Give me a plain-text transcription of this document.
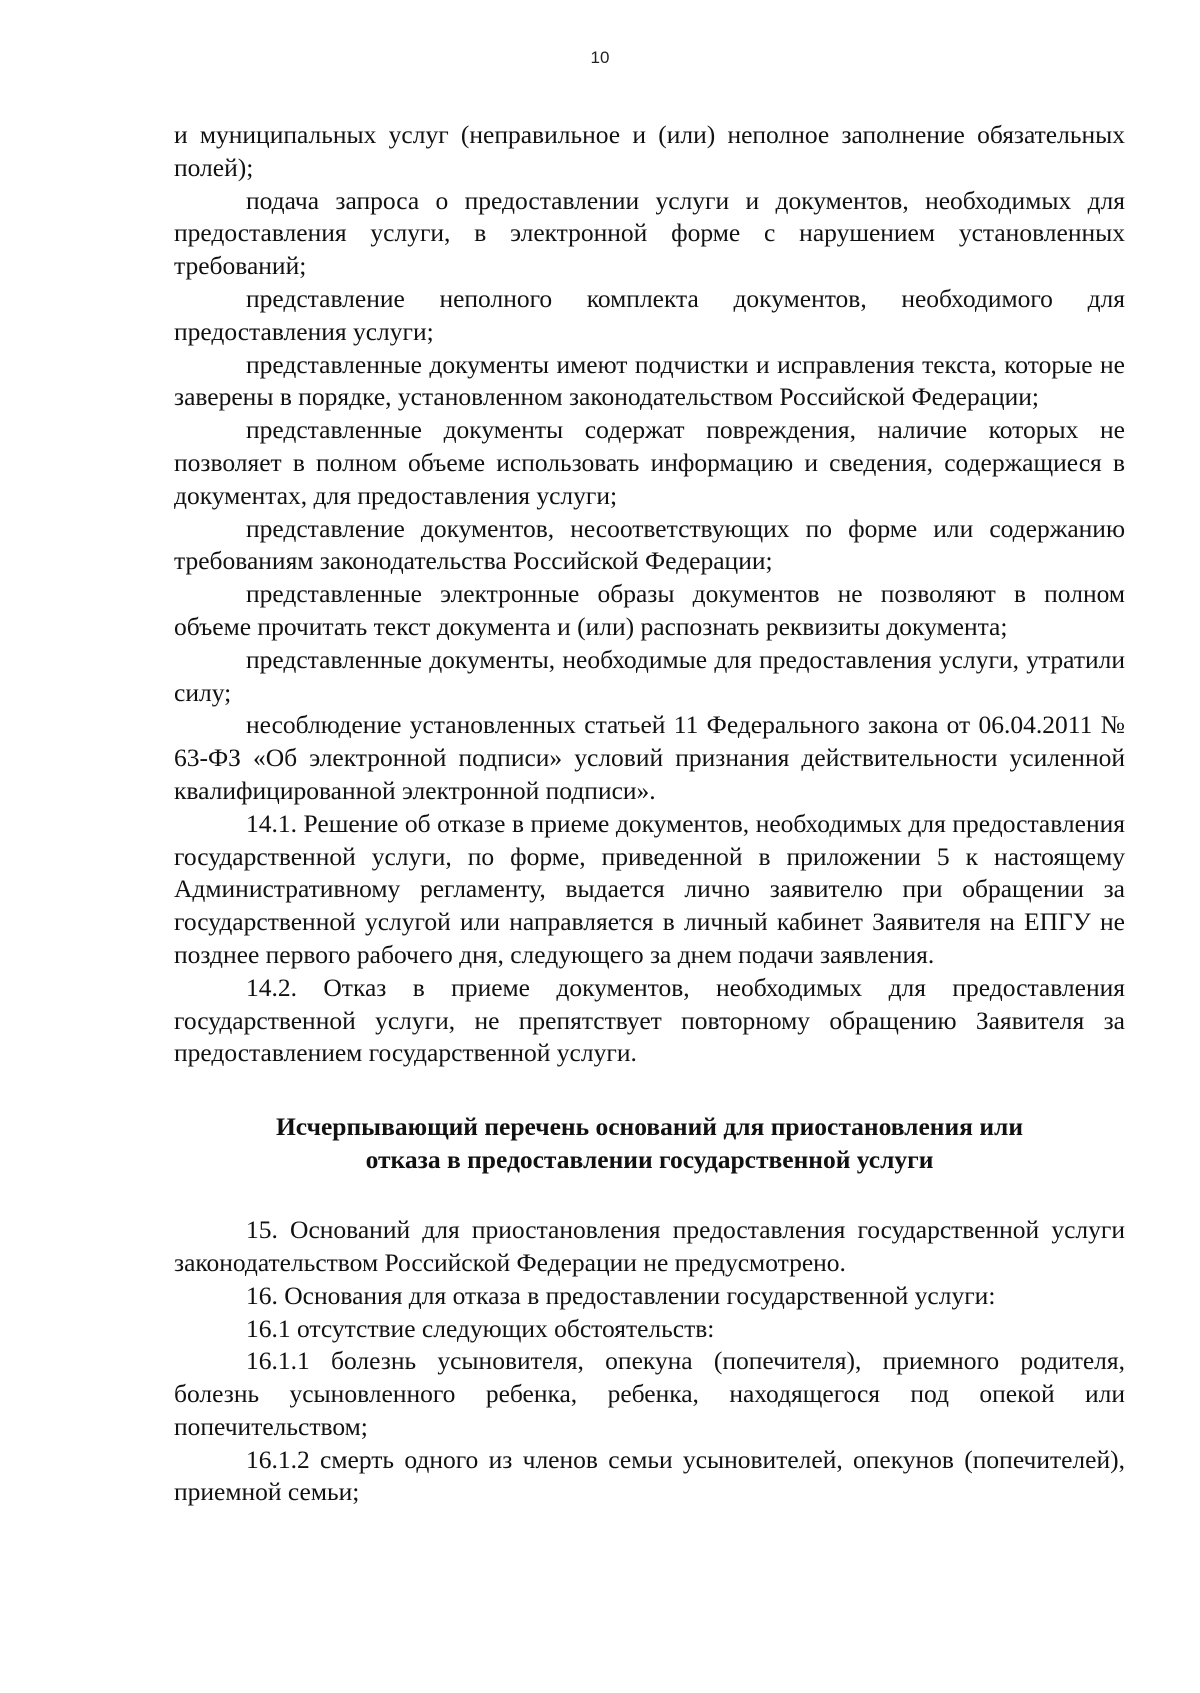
10

и муниципальных услуг (неправильное и (или) неполное заполнение обязательных полей);

подача запроса о предоставлении услуги и документов, необходимых для предоставления услуги, в электронной форме с нарушением установленных требований;

представление неполного комплекта документов, необходимого для предоставления услуги;

представленные документы имеют подчистки и исправления текста, которые не заверены в порядке, установленном законодательством Российской Федерации;

представленные документы содержат повреждения, наличие которых не позволяет в полном объеме использовать информацию и сведения, содержащиеся в документах, для предоставления услуги;

представление документов, несоответствующих по форме или содержанию требованиям законодательства Российской Федерации;

представленные электронные образы документов не позволяют в полном объеме прочитать текст документа и (или) распознать реквизиты документа;

представленные документы, необходимые для предоставления услуги, утратили силу;

несоблюдение установленных статьей 11 Федерального закона от 06.04.2011 № 63-ФЗ «Об электронной подписи» условий признания действительности усиленной квалифицированной электронной подписи».

14.1. Решение об отказе в приеме документов, необходимых для предоставления государственной услуги, по форме, приведенной в приложении 5 к настоящему Административному регламенту, выдается лично заявителю при обращении за государственной услугой или направляется в личный кабинет Заявителя на ЕПГУ не позднее первого рабочего дня, следующего за днем подачи заявления.

14.2. Отказ в приеме документов, необходимых для предоставления государственной услуги, не препятствует повторному обращению Заявителя за предоставлением государственной услуги.

Исчерпывающий перечень оснований для приостановления или
отказа в предоставлении государственной услуги

15. Оснований для приостановления предоставления государственной услуги законодательством Российской Федерации не предусмотрено.

16. Основания для отказа в предоставлении государственной услуги:

16.1 отсутствие следующих обстоятельств:

16.1.1 болезнь усыновителя, опекуна (попечителя), приемного родителя, болезнь усыновленного ребенка, ребенка, находящегося под опекой или попечительством;

16.1.2 смерть одного из членов семьи усыновителей, опекунов (попечителей), приемной семьи;
